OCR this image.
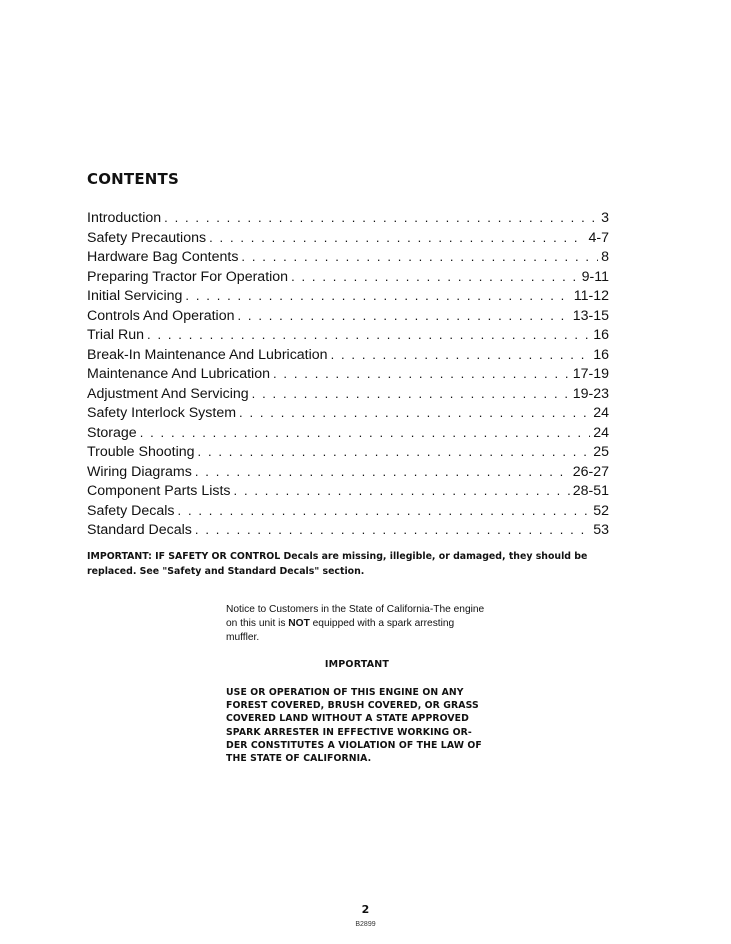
CONTENTS
Introduction . . .	3
Safety Precautions . . .	4-7
Hardware Bag Contents . . .	8
Preparing Tractor For Operation . . .	9-11
Initial Servicing . . .	11-12
Controls And Operation . . .	13-15
Trial Run . . .	16
Break-In Maintenance And Lubrication . . .	16
Maintenance And Lubrication . . .	17-19
Adjustment And Servicing . . .	19-23
Safety Interlock System . . .	24
Storage . . .	24
Trouble Shooting . . .	25
Wiring Diagrams . . .	26-27
Component Parts Lists . . .	28-51
Safety Decals . . .	52
Standard Decals . . .	53
IMPORTANT: IF SAFETY OR CONTROL Decals are missing, illegible, or damaged, they should be replaced. See "Safety and Standard Decals" section.
Notice to Customers in the State of California-The engine on this unit is NOT equipped with a spark arresting muffler.
IMPORTANT
USE OR OPERATION OF THIS ENGINE ON ANY FOREST COVERED, BRUSH COVERED, OR GRASS COVERED LAND WITHOUT A STATE APPROVED SPARK ARRESTER IN EFFECTIVE WORKING OR-DER CONSTITUTES A VIOLATION OF THE LAW OF THE STATE OF CALIFORNIA.
2
B2899
